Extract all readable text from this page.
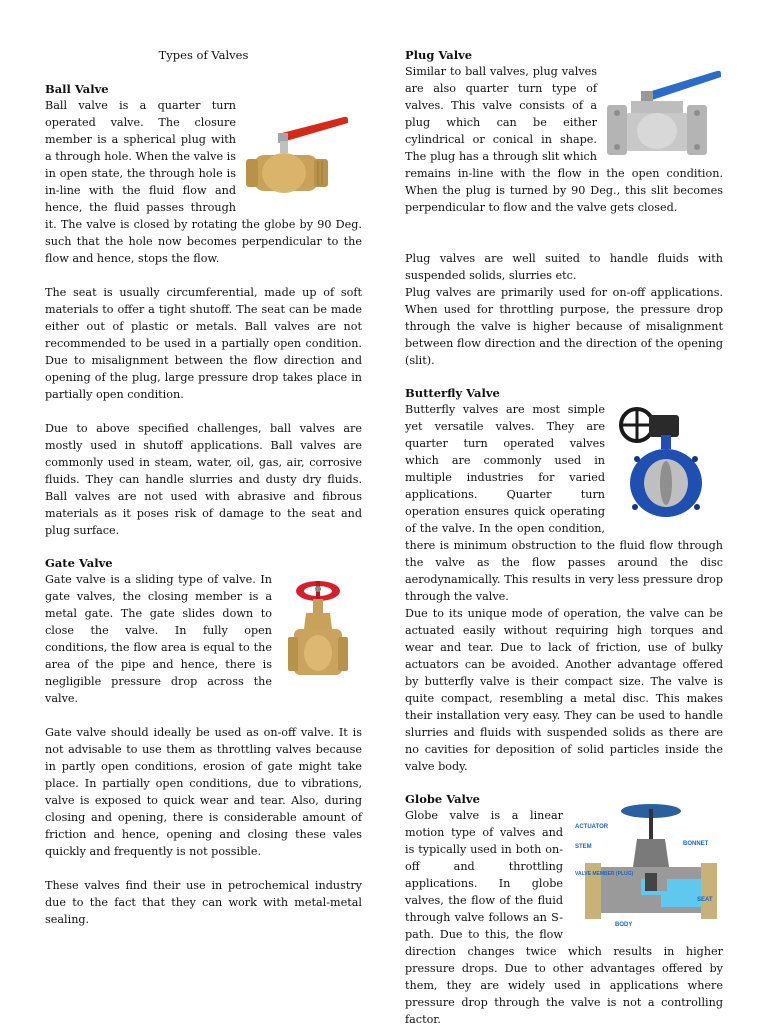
Types of Valves
Ball Valve

Ball valve is a quarter turn operated valve. The closure member is a spherical plug with a through hole. When the valve is in open state, the through hole is in-line with the fluid flow and hence, the fluid passes through it. The valve is closed by rotating the globe by 90 Deg. such that the hole now becomes perpendicular to the flow and hence, stops the flow.

The seat is usually circumferential, made up of soft materials to offer a tight shutoff. The seat can be made either out of plastic or metals. Ball valves are not recommended to be used in a partially open condition. Due to misalignment between the flow direction and opening of the plug, large pressure drop takes place in partially open condition.

Due to above specified challenges, ball valves are mostly used in shutoff applications. Ball valves are commonly used in steam, water, oil, gas, air, corrosive fluids. They can handle slurries and dusty dry fluids. Ball valves are not used with abrasive and fibrous materials as it poses risk of damage to the seat and plug surface.

Gate Valve

Gate valve is a sliding type of valve. In gate valves, the closing member is a metal gate. The gate slides down to close the valve. In fully open conditions, the flow area is equal to the area of the pipe and hence, there is negligible pressure drop across the valve.

Gate valve should ideally be used as on-off valve. It is not advisable to use them as throttling valves because in partly open conditions, erosion of gate might take place. In partially open conditions, due to vibrations, valve is exposed to quick wear and tear. Also, during closing and opening, there is considerable amount of friction and hence, opening and closing these vales quickly and frequently is not possible.

These valves find their use in petrochemical industry due to the fact that they can work with metal-metal sealing.

Plug Valve

Similar to ball valves, plug valves are also quarter turn type of valves. This valve consists of a plug which can be either cylindrical or conical in shape. The plug has a through slit which remains in-line with the flow in the open condition. When the plug is turned by 90 Deg., this slit becomes perpendicular to flow and the valve gets closed.

Plug valves are well suited to handle fluids with suspended solids, slurries etc.

Plug valves are primarily used for on-off applications. When used for throttling purpose, the pressure drop through the valve is higher because of misalignment between flow direction and the direction of the opening (slit).

Butterfly Valve

Butterfly valves are most simple yet versatile valves. They are quarter turn operated valves which are commonly used in multiple industries for varied applications. Quarter turn operation ensures quick operating of the valve. In the open condition, there is minimum obstruction to the fluid flow through the valve as the flow passes around the disc aerodynamically. This results in very less pressure drop through the valve.

Due to its unique mode of operation, the valve can be actuated easily without requiring high torques and wear and tear. Due to lack of friction, use of bulky actuators can be avoided. Another advantage offered by butterfly valve is their compact size. The valve is quite compact, resembling a metal disc. This makes their installation very easy. They can be used to handle slurries and fluids with suspended solids as there are no cavities for deposition of solid particles inside the valve body.

Globe Valve
ACTUATOR
STEM	BONNET
VALVE MEMBER (PLUG)
SEAT
BODY

Globe valve is a linear motion type of valves and is typically used in both on-off and throttling applications. In globe valves, the flow of the fluid through valve follows an S-path. Due to this, the flow direction changes twice which results in higher pressure drops. Due to other advantages offered by them, they are widely used in applications where pressure drop through the valve is not a controlling factor.
